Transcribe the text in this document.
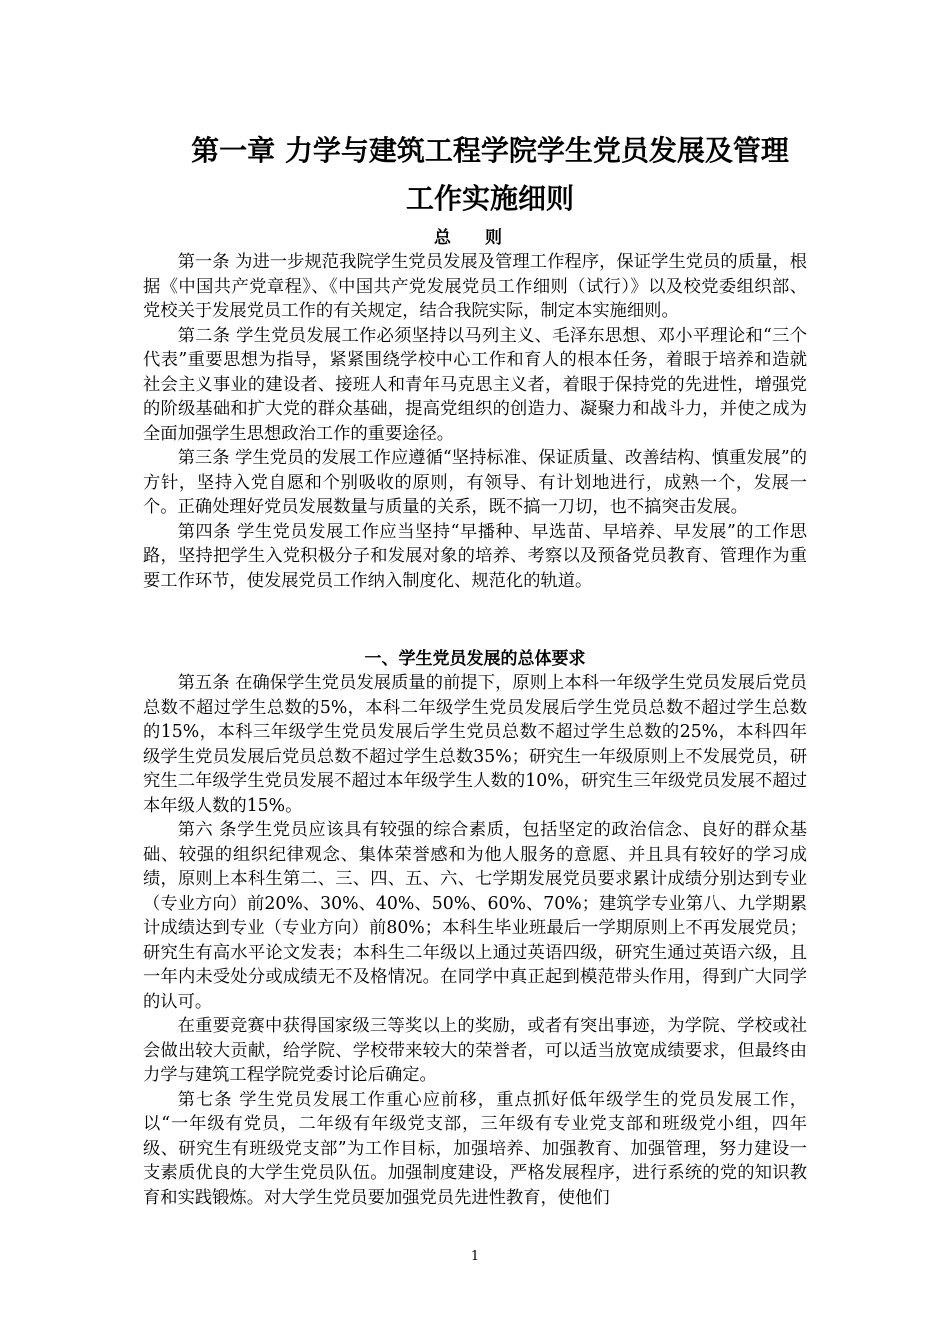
第一章 力学与建筑工程学院学生党员发展及管理
工作实施细则
总 则

第一条 为进一步规范我院学生党员发展及管理工作程序，保证学生党员的质量，根据《中国共产党章程》、《中国共产党发展党员工作细则（试行）》以及校党委组织部、党校关于发展党员工作的有关规定，结合我院实际，制定本实施细则。

第二条 学生党员发展工作必须坚持以马列主义、毛泽东思想、邓小平理论和“三个代表”重要思想为指导，紧紧围绕学校中心工作和育人的根本任务，着眼于培养和造就社会主义事业的建设者、接班人和青年马克思主义者，着眼于保持党的先进性，增强党的阶级基础和扩大党的群众基础，提高党组织的创造力、凝聚力和战斗力，并使之成为全面加强学生思想政治工作的重要途径。

第三条 学生党员的发展工作应遵循“坚持标准、保证质量、改善结构、慎重发展”的方针，坚持入党自愿和个别吸收的原则，有领导、有计划地进行，成熟一个，发展一个。正确处理好党员发展数量与质量的关系，既不搞一刀切，也不搞突击发展。

第四条 学生党员发展工作应当坚持“早播种、早选苗、早培养、早发展”的工作思路，坚持把学生入党积极分子和发展对象的培养、考察以及预备党员教育、管理作为重要工作环节，使发展党员工作纳入制度化、规范化的轨道。

一、学生党员发展的总体要求

第五条 在确保学生党员发展质量的前提下，原则上本科一年级学生党员发展后党员总数不超过学生总数的5%，本科二年级学生党员发展后学生党员总数不超过学生总数的15%，本科三年级学生党员发展后学生党员总数不超过学生总数的25%，本科四年级学生党员发展后党员总数不超过学生总数35%；研究生一年级原则上不发展党员，研究生二年级学生党员发展不超过本年级学生人数的10%，研究生三年级党员发展不超过本年级人数的15%。

第六 条学生党员应该具有较强的综合素质，包括坚定的政治信念、良好的群众基础、较强的组织纪律观念、集体荣誉感和为他人服务的意愿、并且具有较好的学习成绩，原则上本科生第二、三、四、五、六、七学期发展党员要求累计成绩分别达到专业（专业方向）前20%、30%、40%、50%、60%、70%；建筑学专业第八、九学期累计成绩达到专业（专业方向）前80%；本科生毕业班最后一学期原则上不再发展党员；研究生有高水平论文发表；本科生二年级以上通过英语四级，研究生通过英语六级，且一年内未受处分或成绩无不及格情况。在同学中真正起到模范带头作用，得到广大同学的认可。

在重要竞赛中获得国家级三等奖以上的奖励，或者有突出事迹，为学院、学校或社会做出较大贡献，给学院、学校带来较大的荣誉者，可以适当放宽成绩要求，但最终由力学与建筑工程学院党委讨论后确定。

第七条 学生党员发展工作重心应前移，重点抓好低年级学生的党员发展工作，以“一年级有党员，二年级有年级党支部，三年级有专业党支部和班级党小组，四年级、研究生有班级党支部”为工作目标，加强培养、加强教育、加强管理，努力建设一支素质优良的大学生党员队伍。加强制度建设，严格发展程序，进行系统的党的知识教育和实践锻炼。对大学生党员要加强党员先进性教育，使他们

1
